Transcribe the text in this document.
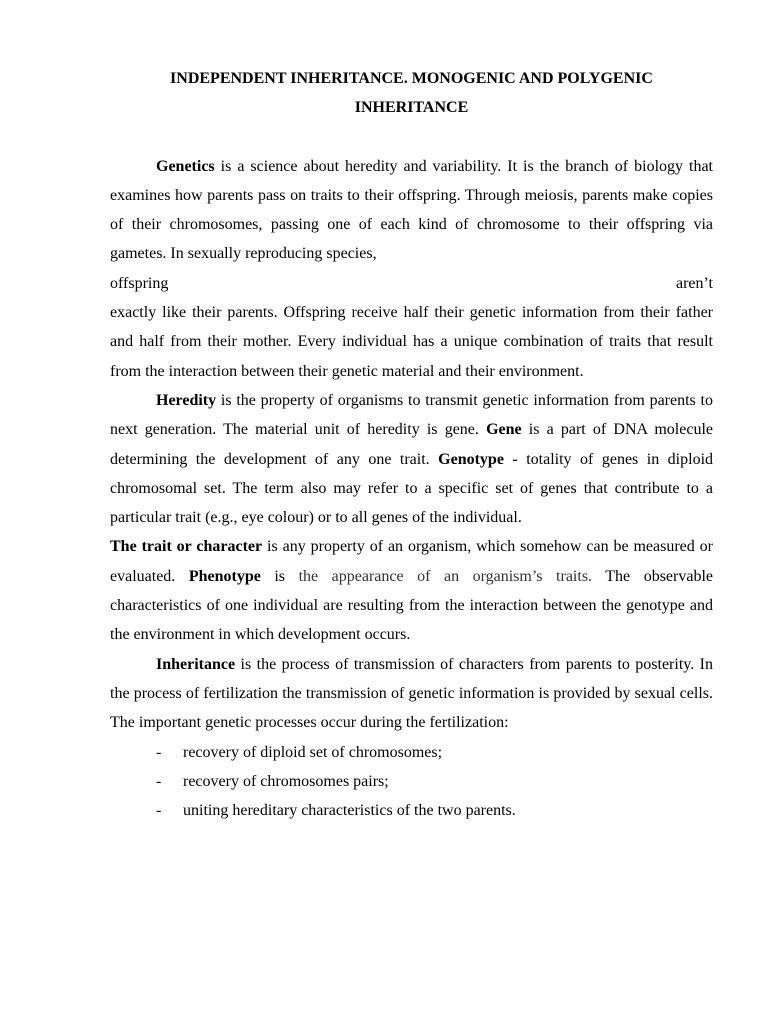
INDEPENDENT INHERITANCE. MONOGENIC AND POLYGENIC
INHERITANCE

Genetics is a science about heredity and variability. It is the branch of biology that examines how parents pass on traits to their offspring. Through meiosis, parents make copies of their chromosomes, passing one of each kind of chromosome to their offspring via gametes. In sexually reproducing species,

offspring	aren’t

exactly like their parents. Offspring receive half their genetic information from their father and half from their mother. Every individual has a unique combination of traits that result from the interaction between their genetic material and their environment.

Heredity is the property of organisms to transmit genetic information from parents to next generation. The material unit of heredity is gene. Gene is a part of DNA molecule determining the development of any one trait. Genotype - totality of genes in diploid chromosomal set. The term also may refer to a specific set of genes that contribute to a particular trait (e.g., eye colour) or to all genes of the individual.

The trait or character is any property of an organism, which somehow can be measured or evaluated. Phenotype is the appearance of an organism’s traits. The observable characteristics of one individual are resulting from the interaction between the genotype and the environment in which development occurs.

Inheritance is the process of transmission of characters from parents to posterity. In the process of fertilization the transmission of genetic information is provided by sexual cells. The important genetic processes occur during the fertilization:

- recovery of diploid set of chromosomes;
- recovery of chromosomes pairs;
- uniting hereditary characteristics of the two parents.
